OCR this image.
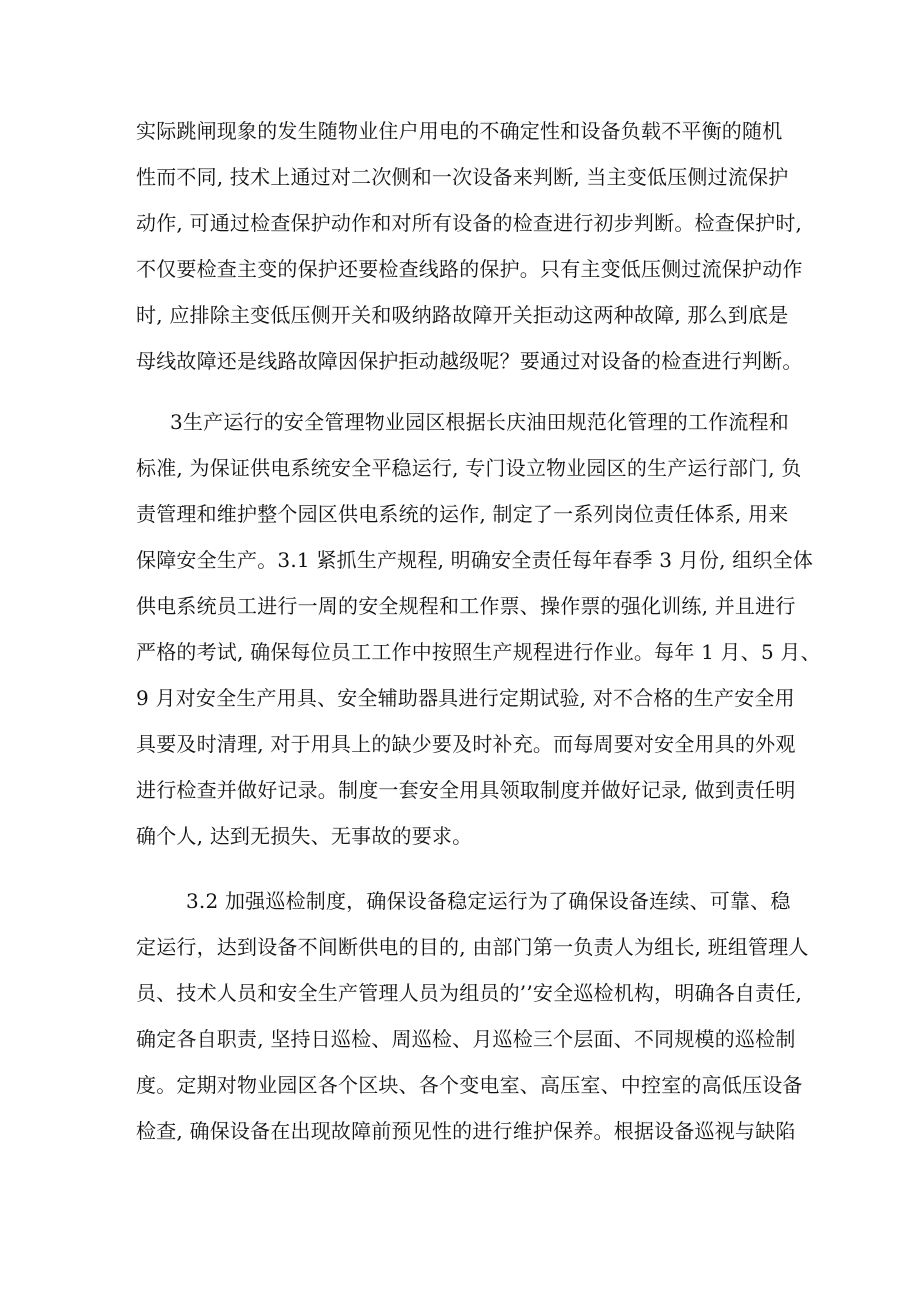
实际跳闸现象的发生随物业住户用电的不确定性和设备负载不平衡的随机
性而不同, 技术上通过对二次侧和一次设备来判断, 当主变低压侧过流保护
动作, 可通过检查保护动作和对所有设备的检查进行初步判断。检查保护时,
不仅要检查主变的保护还要检查线路的保护。只有主变低压侧过流保护动作
时, 应排除主变低压侧开关和吸纳路故障开关拒动这两种故障, 那么到底是
母线故障还是线路故障因保护拒动越级呢？要通过对设备的检查进行判断。
3生产运行的安全管理物业园区根据长庆油田规范化管理的工作流程和
标准, 为保证供电系统安全平稳运行, 专门设立物业园区的生产运行部门, 负
责管理和维护整个园区供电系统的运作, 制定了一系列岗位责任体系, 用来
保障安全生产。3.1 紧抓生产规程, 明确安全责任每年春季 3 月份, 组织全体
供电系统员工进行一周的安全规程和工作票、操作票的强化训练, 并且进行
严格的考试, 确保每位员工工作中按照生产规程进行作业。每年 1 月、5 月、
9 月对安全生产用具、安全辅助器具进行定期试验, 对不合格的生产安全用
具要及时清理, 对于用具上的缺少要及时补充。而每周要对安全用具的外观
进行检查并做好记录。制度一套安全用具领取制度并做好记录, 做到责任明
确个人, 达到无损失、无事故的要求。
3.2 加强巡检制度，确保设备稳定运行为了确保设备连续、可靠、稳
定运行，达到设备不间断供电的目的, 由部门第一负责人为组长, 班组管理人
员、技术人员和安全生产管理人员为组员的’’安全巡检机构，明确各自责任,
确定各自职责, 坚持日巡检、周巡检、月巡检三个层面、不同规模的巡检制
度。定期对物业园区各个区块、各个变电室、高压室、中控室的高低压设备
检查, 确保设备在出现故障前预见性的进行维护保养。根据设备巡视与缺陷
